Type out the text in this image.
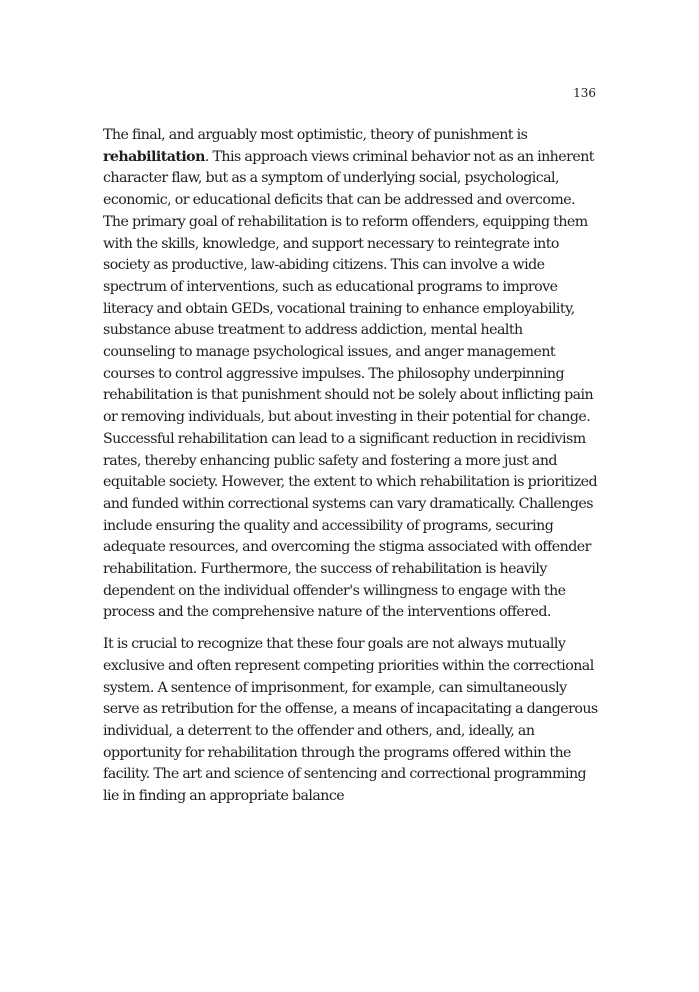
136

The final, and arguably most optimistic, theory of punishment is rehabilitation. This approach views criminal behavior not as an inherent character flaw, but as a symptom of underlying social, psychological, economic, or educational deficits that can be addressed and overcome. The primary goal of rehabilitation is to reform offenders, equipping them with the skills, knowledge, and support necessary to reintegrate into society as productive, law-abiding citizens. This can involve a wide spectrum of interventions, such as educational programs to improve literacy and obtain GEDs, vocational training to enhance employability, substance abuse treatment to address addiction, mental health counseling to manage psychological issues, and anger management courses to control aggressive impulses. The philosophy underpinning rehabilitation is that punishment should not be solely about inflicting pain or removing individuals, but about investing in their potential for change. Successful rehabilitation can lead to a significant reduction in recidivism rates, thereby enhancing public safety and fostering a more just and equitable society. However, the extent to which rehabilitation is prioritized and funded within correctional systems can vary dramatically. Challenges include ensuring the quality and accessibility of programs, securing adequate resources, and overcoming the stigma associated with offender rehabilitation. Furthermore, the success of rehabilitation is heavily dependent on the individual offender's willingness to engage with the process and the comprehensive nature of the interventions offered.

It is crucial to recognize that these four goals are not always mutually exclusive and often represent competing priorities within the correctional system. A sentence of imprisonment, for example, can simultaneously serve as retribution for the offense, a means of incapacitating a dangerous individual, a deterrent to the offender and others, and, ideally, an opportunity for rehabilitation through the programs offered within the facility. The art and science of sentencing and correctional programming lie in finding an appropriate balance
